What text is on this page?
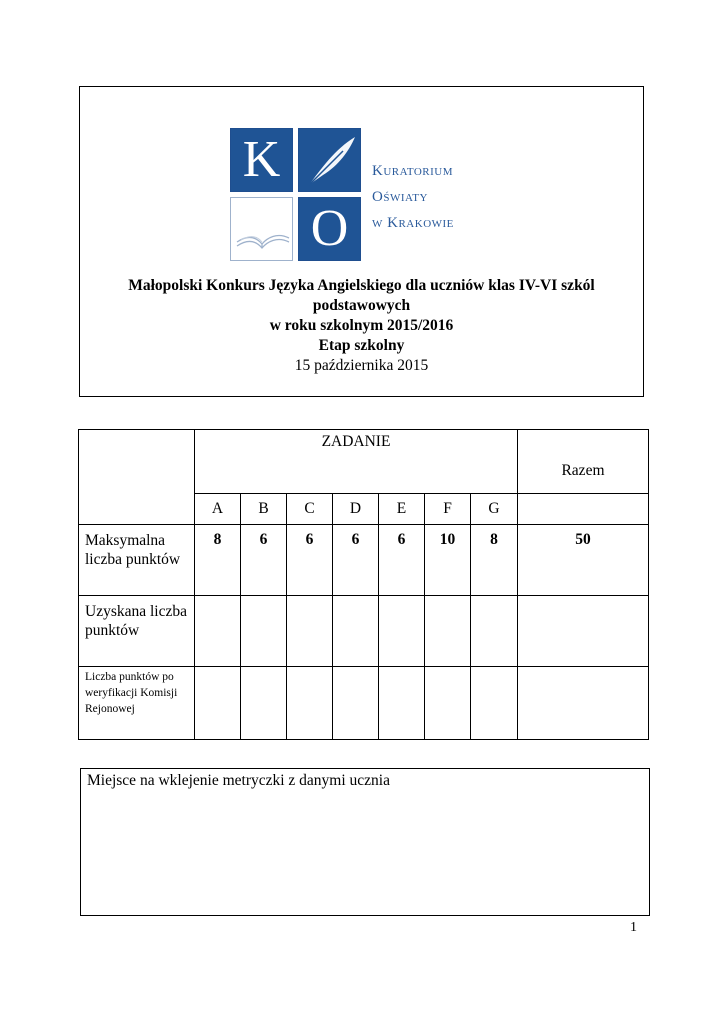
K
O
Kuratorium
Oświaty
w Krakowie
Małopolski Konkurs Języka Angielskiego dla uczniów klas IV-VI szkól
podstawowych
w roku szkolnym 2015/2016
Etap szkolny
15 października 2015
	ZADANIE							Razem
	A	B	C	D	E	F	G	
Maksymalna liczba punktów	8	6	6	6	6	10	8	50
Uzyskana liczba punktów								
Liczba punktów po weryfikacji Komisji Rejonowej								
Miejsce na wklejenie metryczki z danymi ucznia
1
